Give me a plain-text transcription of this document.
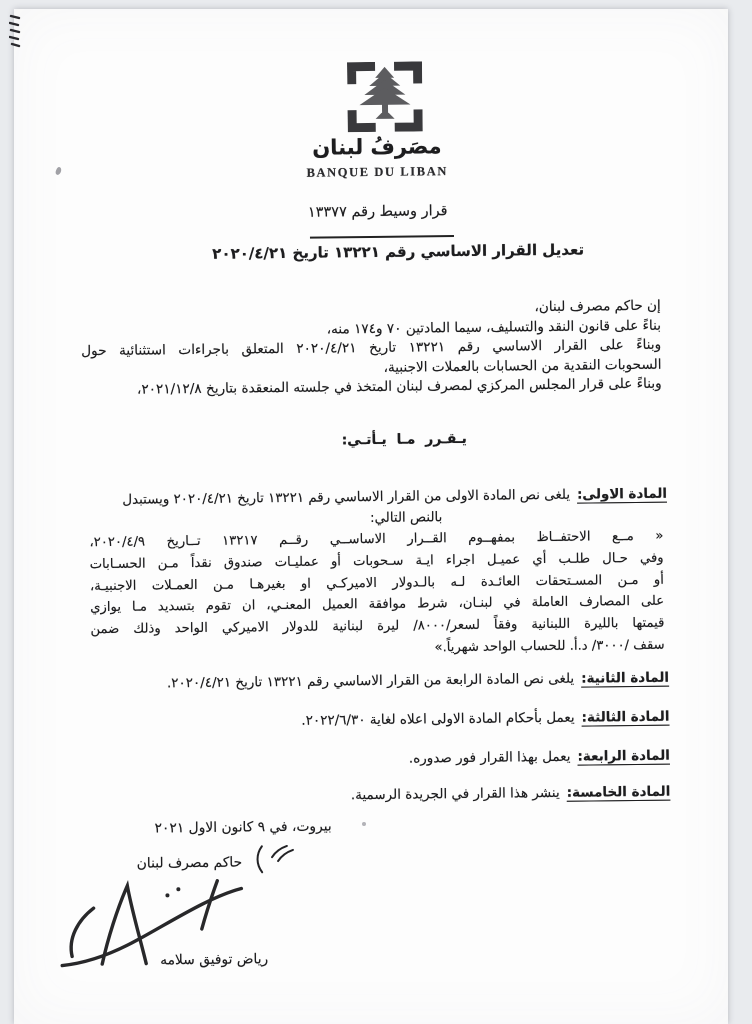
مصَرفُ لبنان
BANQUE DU LIBAN
قرار وسيط رقم ١٣٣٧٧
تعديل القرار الاساسي رقم ١٣٢٢١ تاريخ ٢٠٢٠/٤/٢١
إن حاكم مصرف لبنان،
بناءً على قانون النقد والتسليف، سيما المادتين ٧٠ و١٧٤ منه،
وبناءً على القرار الاساسي رقم ١٣٢٢١ تاريخ ٢٠٢٠/٤/٢١ المتعلق باجراءات استثنائية حول
السحوبات النقدية من الحسابات بالعملات الاجنبية،
وبناءً على قرار المجلس المركزي لمصرف لبنان المتخذ في جلسته المنعقدة بتاريخ ٢٠٢١/١٢/٨،
يـقـرر مـا يـأتـي:
المادة الاولى:يلغى نص المادة الاولى من القرار الاساسي رقم ١٣٢٢١ تاريخ ٢٠٢٠/٤/٢١ ويستبدل
بالنص التالي:
« مــع الاحتفــاظ بمفهــوم القــرار الاساســي رقــم ١٣٢١٧ تــاريخ ٢٠٢٠/٤/٩،
وفي حـال طلـب أي عميـل اجراء ايـة سـحوبات أو عمليـات صندوق نقداً مـن الحسـابات
أو مـن المسـتحقات العائـدة لـه بالـدولار الاميركـي او بغيرهـا مـن العمـلات الاجنبيـة،
على المصارف العاملة في لبنـان، شرط موافقة العميل المعنـي، ان تقوم بتسديد مـا يوازي
قيمتها بالليرة اللبنانية وفقاً لسعر/٨٠٠٠/ ليرة لبنانية للدولار الاميركي الواحد وذلك ضمن
سقف /٣٠٠٠/ د.أ. للحساب الواحد شهرياً.»
المادة الثانية:يلغى نص المادة الرابعة من القرار الاساسي رقم ١٣٢٢١ تاريخ ٢٠٢٠/٤/٢١.
المادة الثالثة:يعمل بأحكام المادة الاولى اعلاه لغاية ٢٠٢٢/٦/٣٠.
المادة الرابعة:يعمل بهذا القرار فور صدوره.
المادة الخامسة:ينشر هذا القرار في الجريدة الرسمية.
بيروت، في ٩ كانون الاول ٢٠٢١
حاكم مصرف لبنان
رياض توفيق سلامه
